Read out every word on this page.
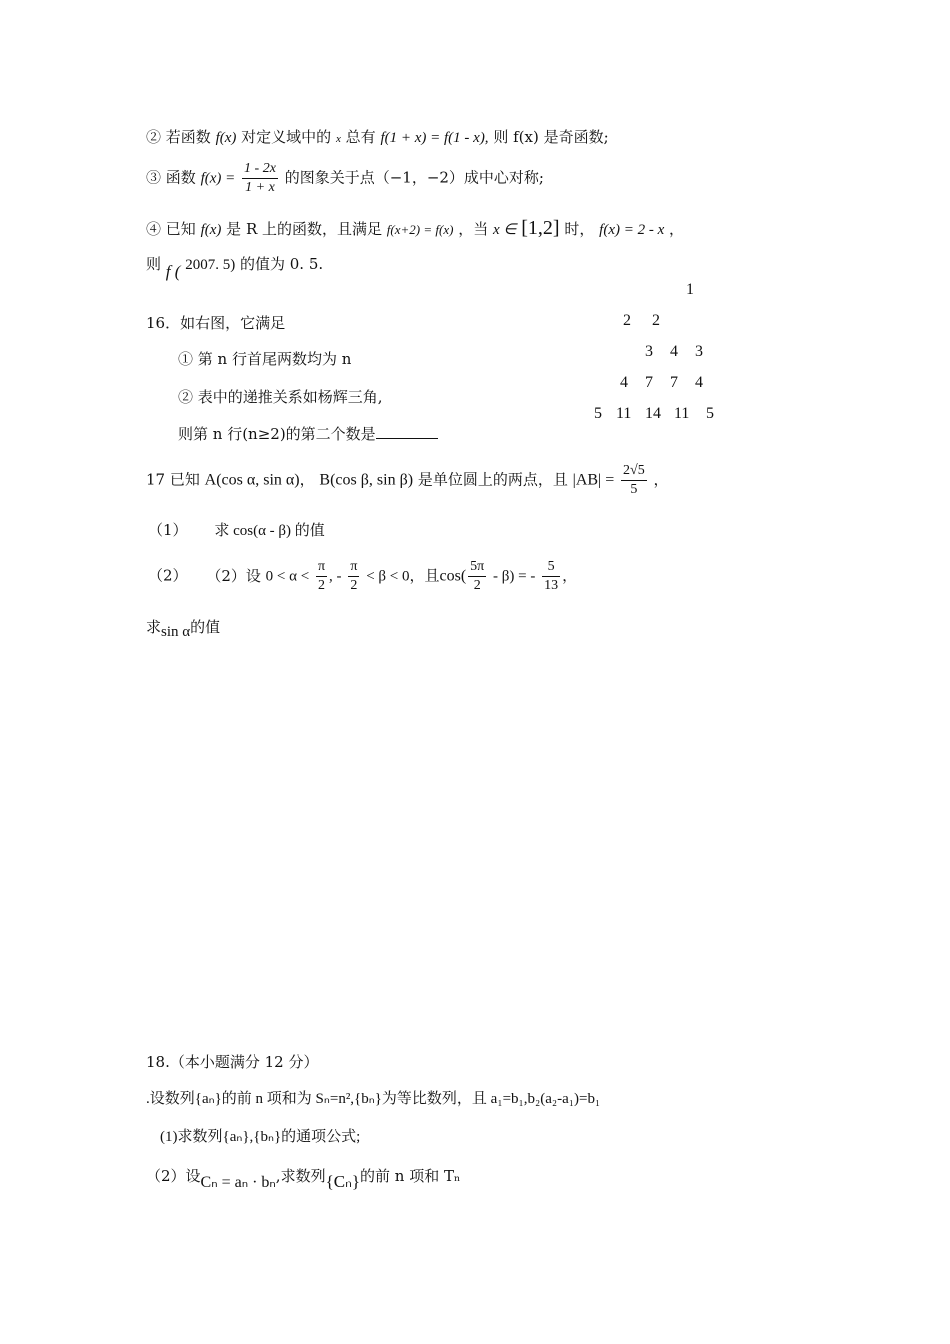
② 若函数 f(x) 对定义域中的 x 总有 f(1 + x) = f(1 - x), 则 f(x) 是奇函数;
③ 函数 $f(x) = \frac{1 - 2x}{1 + x}$ 的图象关于点（−1，−2）成中心对称;
④ 已知 f(x) 是 R 上的函数，且满足 f(x+2) = f(x) ，当 x ∈ [1,2] 时， f(x) = 2 - x ，
则 f ( 2007. 5) 的值为 0. 5.
16．如右图，它满足
① 第 n 行首尾两数均为 n
② 表中的递推关系如杨辉三角,
则第 n 行(n≥2)的第二个数是
1
2 2
3 4 3
4 7 7 4
5 11 14 11 5
17 已知 A(cos α, sin α)， B(cos β, sin β) 是单位圆上的两点，且 $|AB| = \frac{2√5}{5}$ ，
（1） 求 cos(α - β) 的值
（2） （2）设 $0 < \alpha < \frac{\pi}{2}$ , - $\frac{\pi}{2} < \beta < 0$，且$\cos( \frac{5\pi}{2} - \beta)$ = - $\frac{5}{13}$ ，
求sin α的值
18.（本小题满分 12 分）
.设数列{aₙ}的前 n 项和为 Sₙ=n²,{bₙ}为等比数列，且 a₁=b₁,b₂(a₂-a₁)=b₁
(1)求数列{aₙ},{bₙ}的通项公式;
（2）设Cₙ = aₙ · bₙ,求数列{Cₙ}的前 n 项和 Tₙ
